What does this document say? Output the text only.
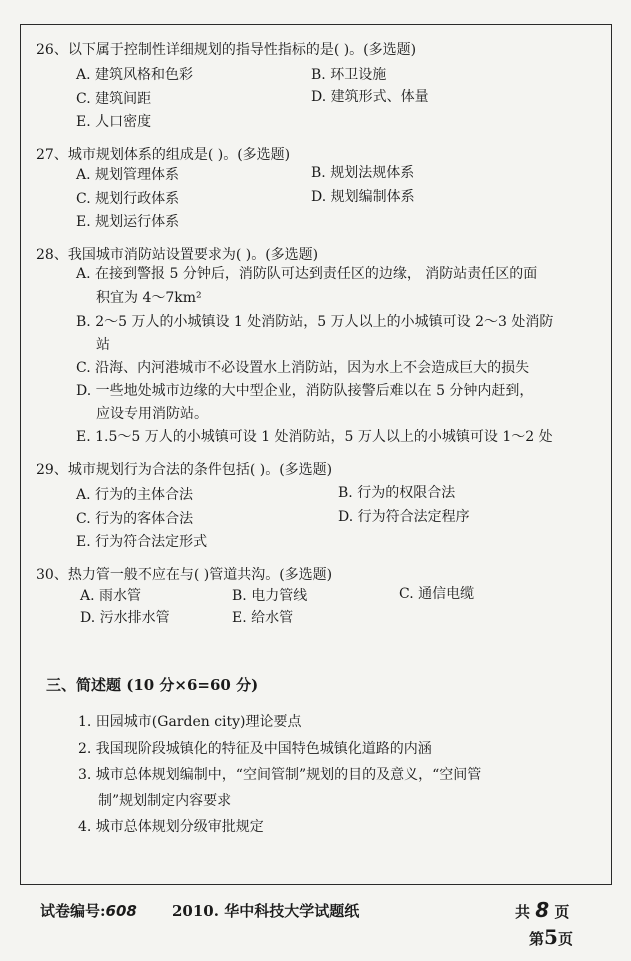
26、以下属于控制性详细规划的指导性指标的是( )。(多选题)
A. 建筑风格和色彩	B. 环卫设施
C. 建筑间距	D. 建筑形式、体量
E. 人口密度
27、城市规划体系的组成是( )。(多选题)
A. 规划管理体系	B. 规划法规体系
C. 规划行政体系	D. 规划编制体系
E. 规划运行体系
28、我国城市消防站设置要求为( )。(多选题)
A. 在接到警报 5 分钟后，消防队可达到责任区的边缘， 消防站责任区的面
积宜为 4～7km²
B. 2～5 万人的小城镇设 1 处消防站，5 万人以上的小城镇可设 2～3 处消防
站
C. 沿海、内河港城市不必设置水上消防站，因为水上不会造成巨大的损失
D. 一些地处城市边缘的大中型企业，消防队接警后难以在 5 分钟内赶到，
应设专用消防站。
E. 1.5～5 万人的小城镇可设 1 处消防站，5 万人以上的小城镇可设 1～2 处
29、城市规划行为合法的条件包括( )。(多选题)
A. 行为的主体合法	B. 行为的权限合法
C. 行为的客体合法	D. 行为符合法定程序
E. 行为符合法定形式
30、热力管一般不应在与( )管道共沟。(多选题)
A. 雨水管	B. 电力管线	C. 通信电缆
D. 污水排水管	E. 给水管
三、简述题 (10 分×6=60 分)
1. 田园城市(Garden city)理论要点
2. 我国现阶段城镇化的特征及中国特色城镇化道路的内涵
3. 城市总体规划编制中，“空间管制”规划的目的及意义，“空间管
制”规划制定内容要求
4. 城市总体规划分级审批规定
试卷编号:608 2010. 华中科技大学试题纸	共 8 页
第5页
